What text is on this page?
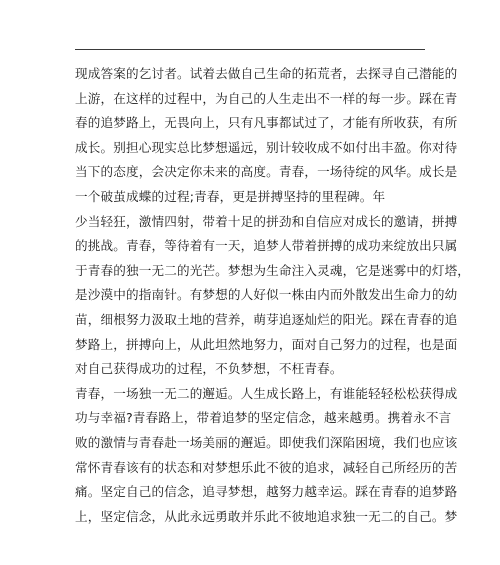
现成答案的乞讨者。试着去做自己生命的拓荒者，去探寻自己潜能的
上游，在这样的过程中，为自己的人生走出不一样的每一步。踩在青
春的追梦路上，无畏向上，只有凡事都试过了，才能有所收获，有所
成长。别担心现实总比梦想遥远，别计较收成不如付出丰盈。你对待
当下的态度，会决定你未来的高度。青春，一场待绽的风华。成长是
一个破茧成蝶的过程;青春，更是拼搏坚持的里程碑。年
少当轻狂，激情四射，带着十足的拼劲和自信应对成长的邀请，拼搏
的挑战。青春，等待着有一天，追梦人带着拼搏的成功来绽放出只属
于青春的独一无二的光芒。梦想为生命注入灵魂，它是迷雾中的灯塔，
是沙漠中的指南针。有梦想的人好似一株由内而外散发出生命力的幼
苗，细根努力汲取土地的营养，萌芽追逐灿烂的阳光。踩在青春的追
梦路上，拼搏向上，从此坦然地努力，面对自己努力的过程，也是面
对自己获得成功的过程，不负梦想，不枉青春。
青春，一场独一无二的邂逅。人生成长路上，有谁能轻轻松松获得成
功与幸福?青春路上，带着追梦的坚定信念，越来越勇。携着永不言
败的激情与青春赴一场美丽的邂逅。即使我们深陷困境，我们也应该
常怀青春该有的状态和对梦想乐此不彼的追求，减轻自己所经历的苦
痛。坚定自己的信念，追寻梦想，越努力越幸运。踩在青春的追梦路
上，坚定信念，从此永远勇敢并乐此不彼地追求独一无二的自己。梦
